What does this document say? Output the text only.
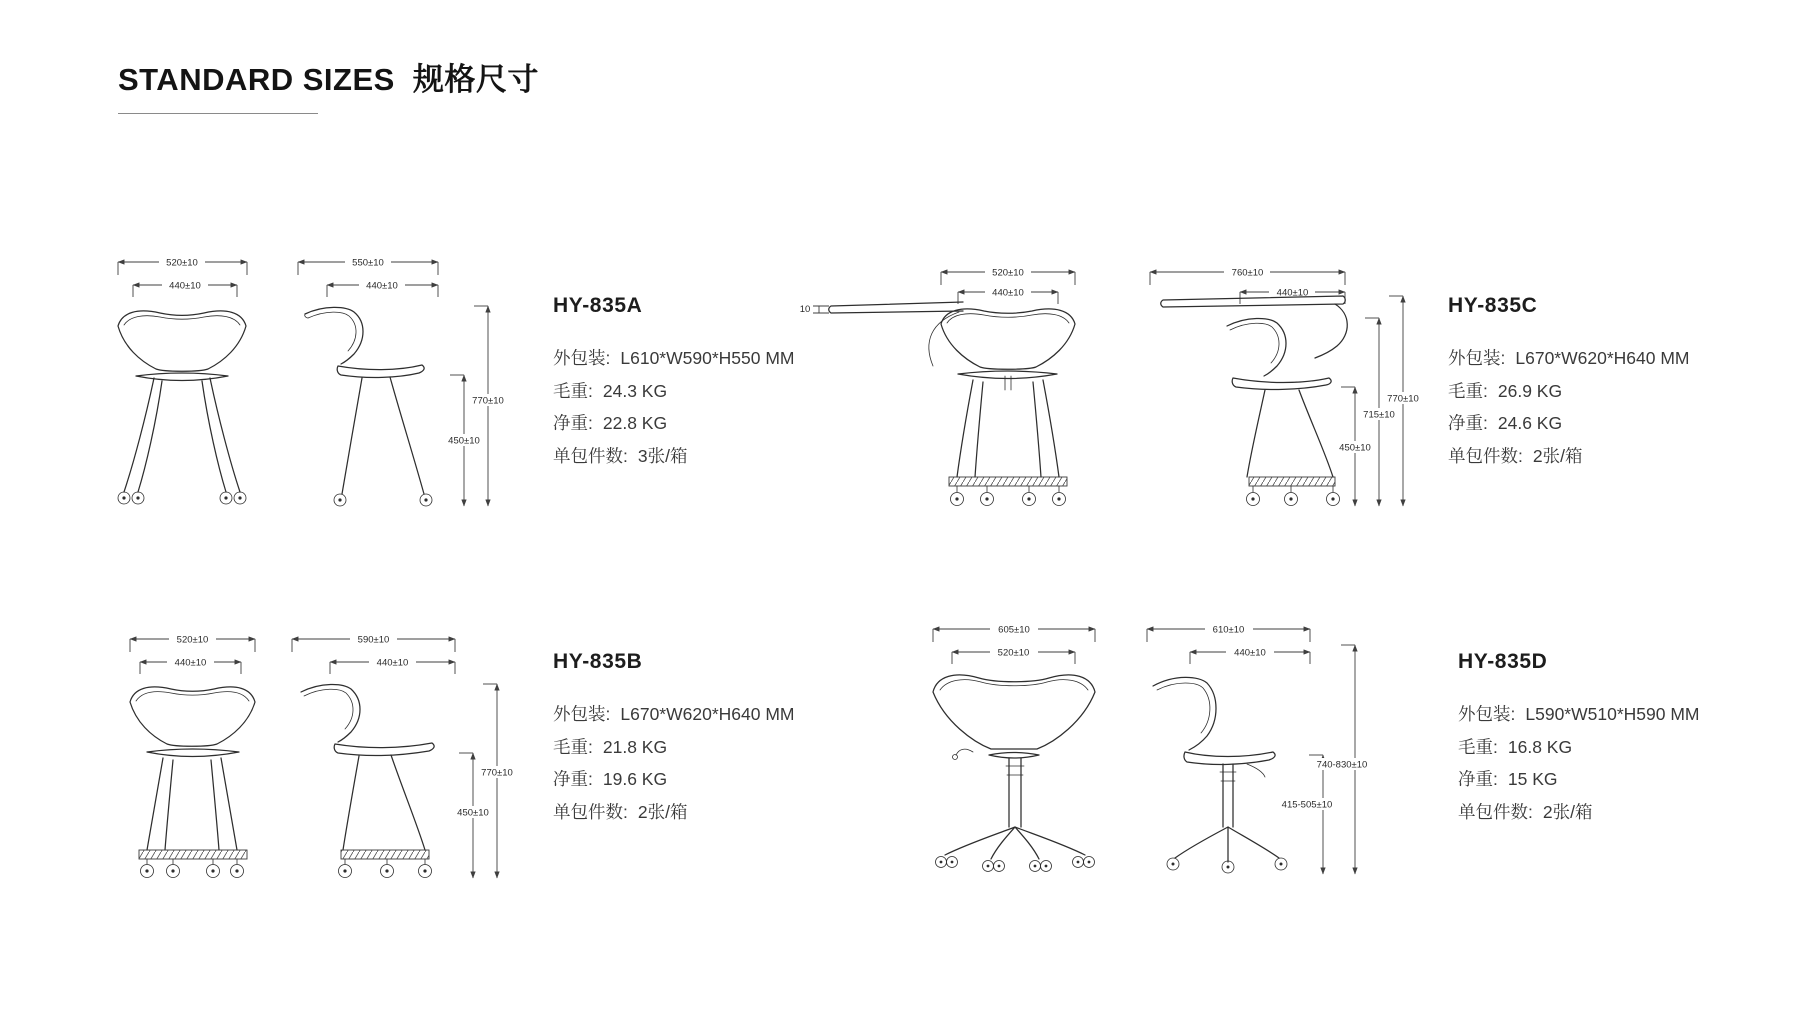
STANDARD SIZES 规格尺寸
520±10
440±10
550±10
440±10
450±10
770±10
520±10
440±10
590±10
440±10
450±10
770±10
520±10
440±10
10
760±10
440±10
450±10
715±10
770±10
605±10
520±10
610±10
440±10
415-505±10
740-830±10
HY-835A
外包装: L610*W590*H550 MM
毛重: 24.3 KG
净重: 22.8 KG
单包件数: 3张/箱
HY-835B
外包装: L670*W620*H640 MM
毛重: 21.8 KG
净重: 19.6 KG
单包件数: 2张/箱
HY-835C
外包装: L670*W620*H640 MM
毛重: 26.9 KG
净重: 24.6 KG
单包件数: 2张/箱
HY-835D
外包装: L590*W510*H590 MM
毛重: 16.8 KG
净重: 15 KG
单包件数: 2张/箱
